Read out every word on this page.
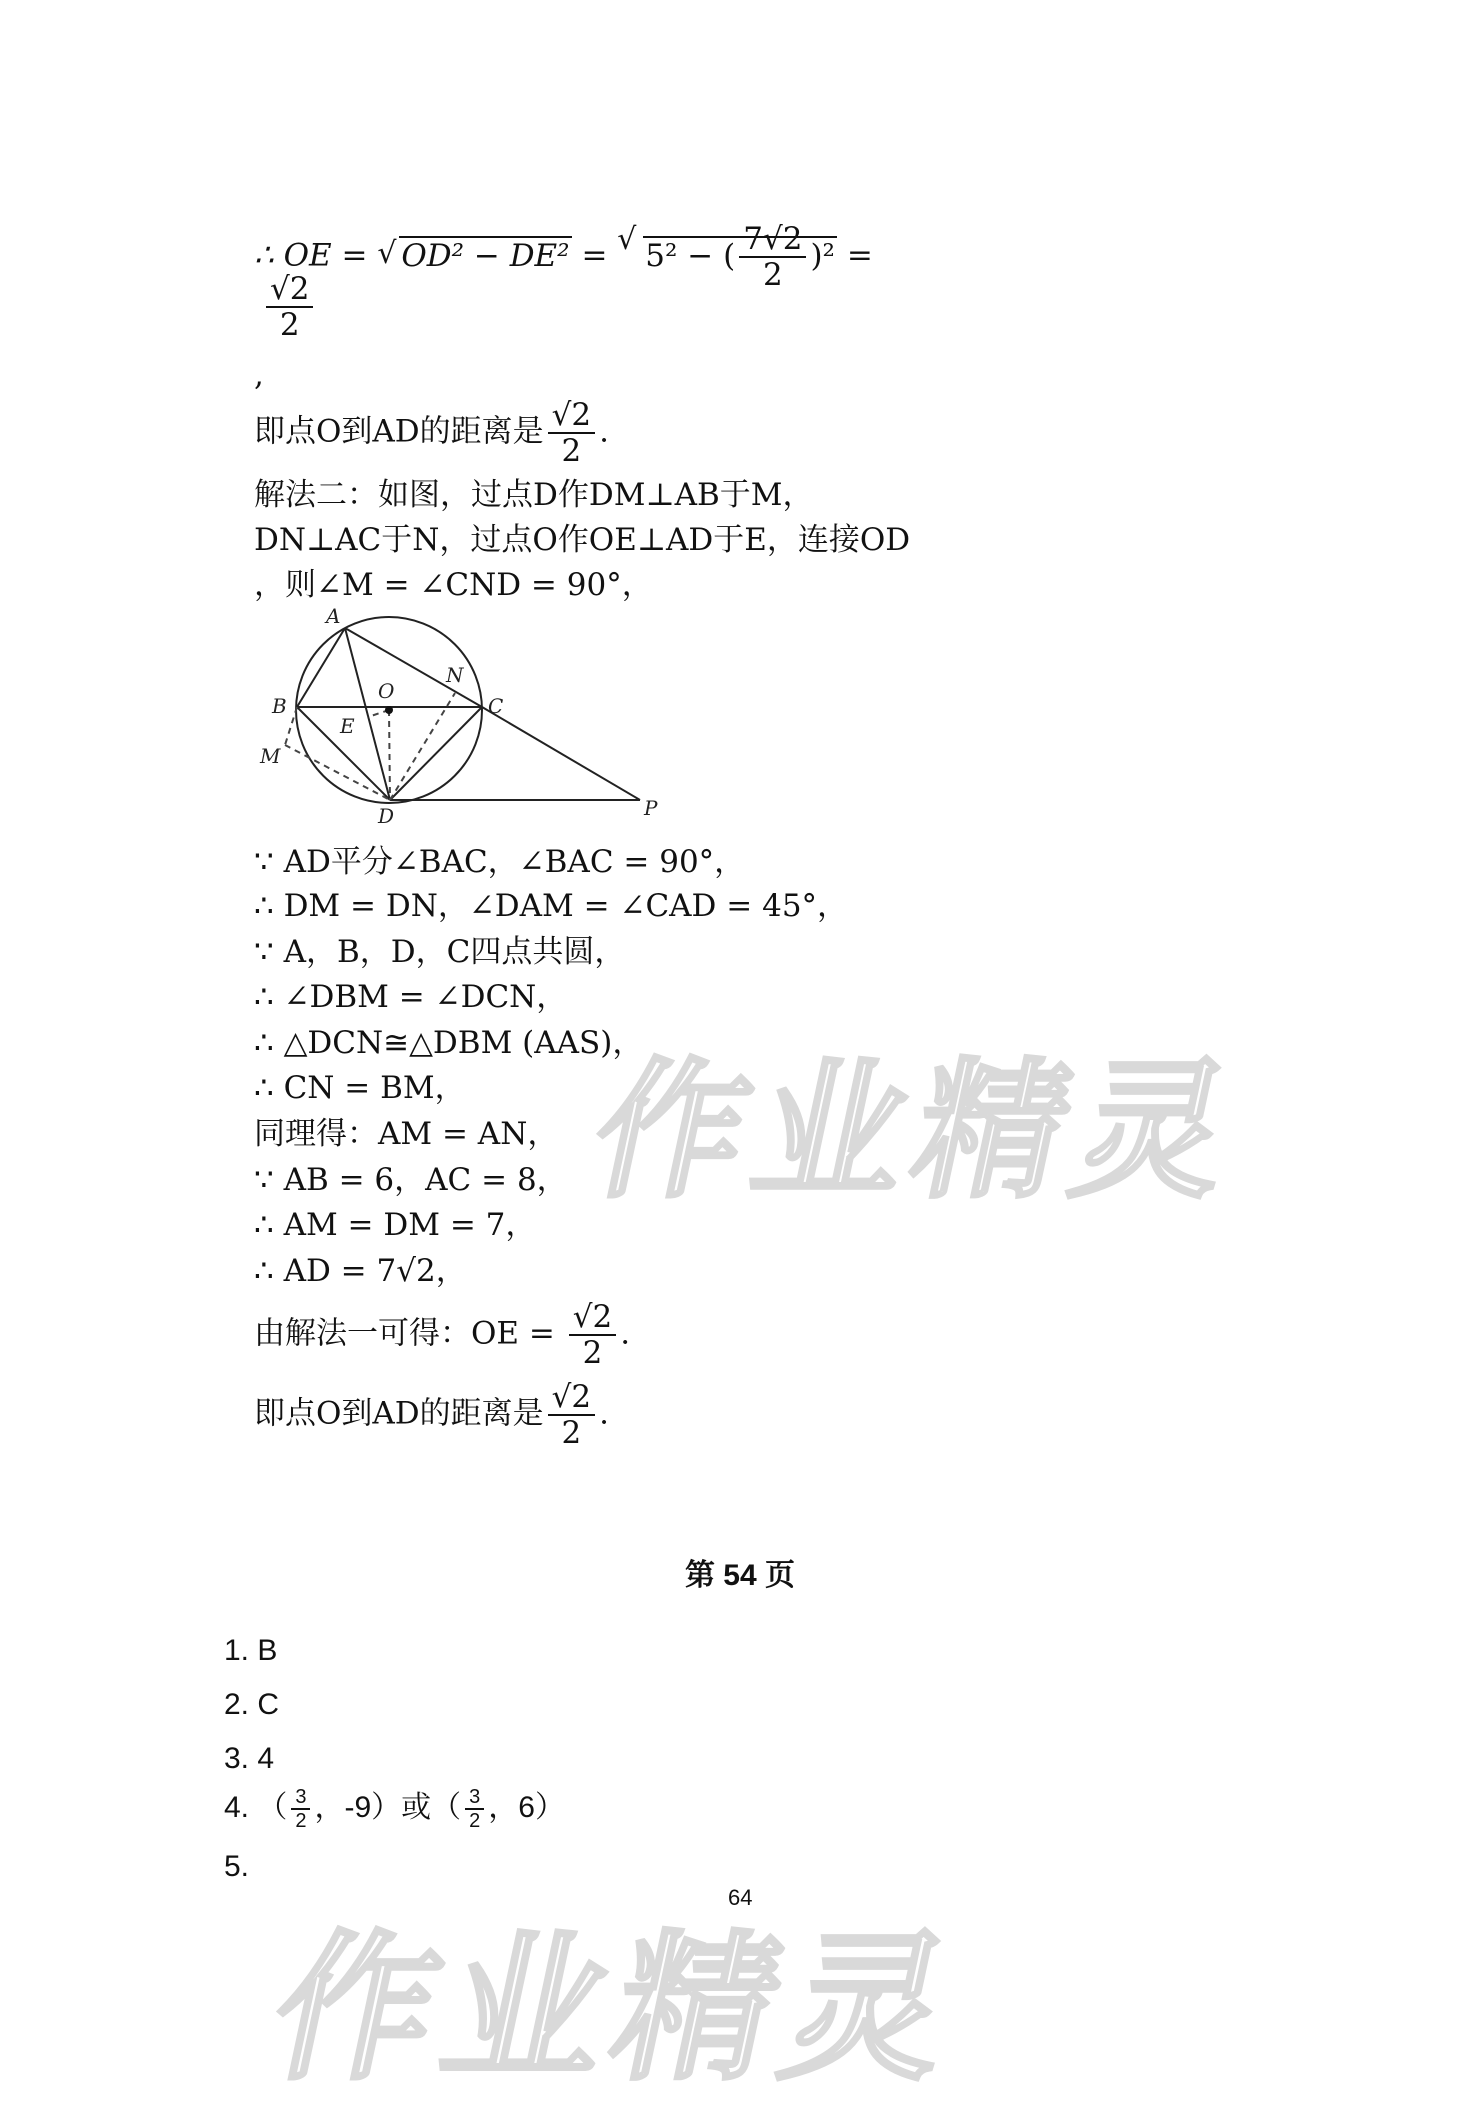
作业精灵
作业精灵
∴ OE = √ OD² − DE² = √ 5² − ( $\frac{7√2}{2} )^2$ =
$\frac{√2}{2}$
,
即点O到AD的距离是 $\frac{√2}{2}$ .
解法二：如图，过点D作DM⊥AB于M，
DN⊥AC于N，过点O作OE⊥AD于E，连接OD
，则∠M = ∠CND = 90°，
A
B	C
D
E
M
N
O
P
∵ AD平分∠BAC，∠BAC = 90°，
∴ DM = DN，∠DAM = ∠CAD = 45°，
∵ A，B，D，C四点共圆，
∴ ∠DBM = ∠DCN，
∴ △DCN≅△DBM (AAS)，
∴ CN = BM，
同理得：AM = AN，
∵ AB = 6，AC = 8，
∴ AM = DM = 7，
∴ AD = 7√2，
由解法一可得：OE = $\frac{√2}{2}$ .
即点O到AD的距离是 $\frac{√2}{2}$ .
第 54 页
1. B
2. C
3. 4
4. （ $\frac{3}{2}$ ，-9）或（ $\frac{3}{2}$ ，6）
5.
64
